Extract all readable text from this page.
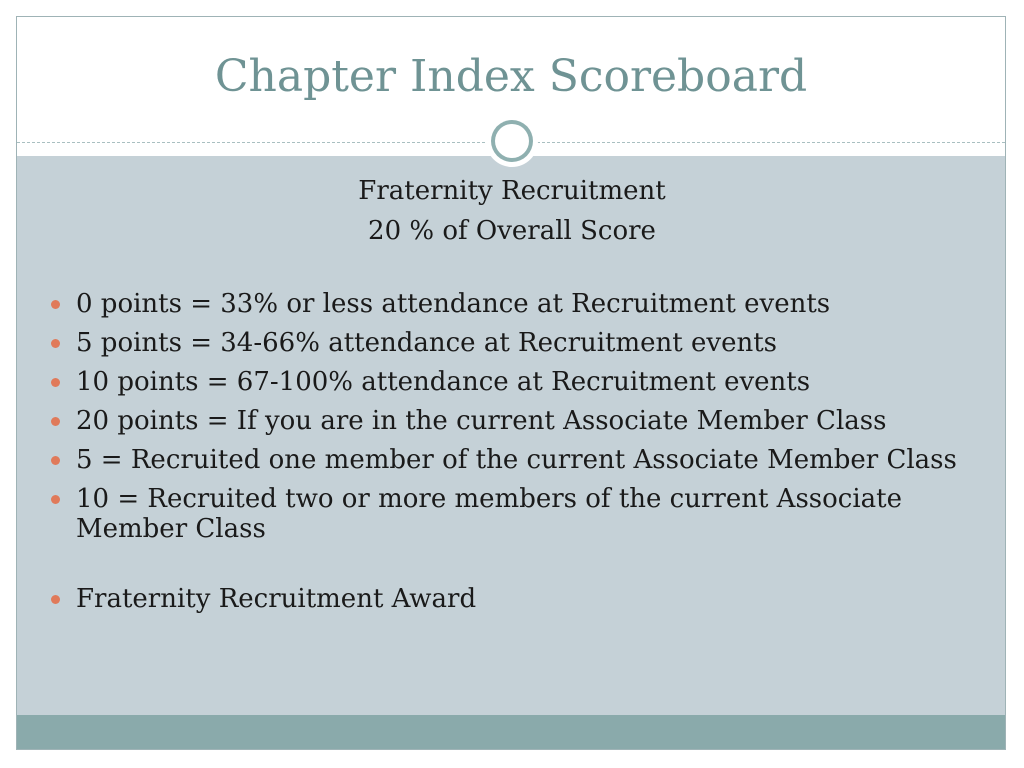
Chapter Index Scoreboard
Fraternity Recruitment
20 % of Overall Score
0 points = 33% or less attendance at Recruitment events
5 points = 34-66% attendance at Recruitment events
10 points = 67-100% attendance at Recruitment events
20 points = If you are in the current Associate Member Class
5 = Recruited one member of the current Associate Member Class
10 = Recruited two or more members of the current Associate Member Class
Fraternity Recruitment Award
